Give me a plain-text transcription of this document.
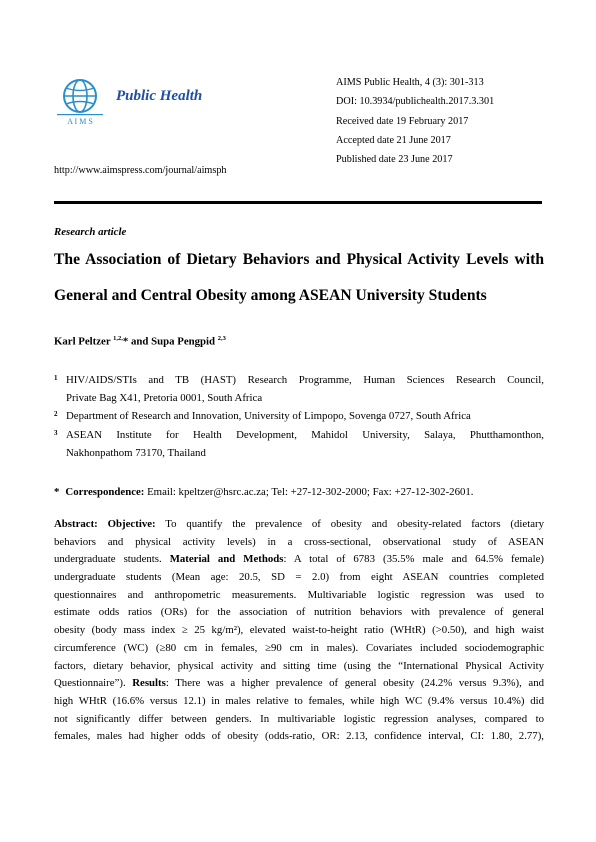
A I M S
Public Health
AIMS Public Health, 4 (3): 301-313
DOI: 10.3934/publichealth.2017.3.301
Received date 19 February 2017
Accepted date 21 June 2017
Published date 23 June 2017
http://www.aimspress.com/journal/aimsph
Research article
The Association of Dietary Behaviors and Physical Activity Levels with
General and Central Obesity among ASEAN University Students
Karl Peltzer $^{1,2,}$* and Supa Pengpid $^{2,3}$
1 HIV/AIDS/STIs and TB (HAST) Research Programme, Human Sciences Research Council,

Private Bag X41, Pretoria 0001, South Africa

2 Department of Research and Innovation, University of Limpopo, Sovenga 0727, South Africa

3 ASEAN Institute for Health Development, Mahidol University, Salaya, Phutthamonthon,

Nakhonpathom 73170, Thailand

* Correspondence: Email: kpeltzer@hsrc.ac.za; Tel: +27-12-302-2000; Fax: +27-12-302-2601.
Abstract: Objective: To quantify the prevalence of obesity and obesity-related factors (dietary
behaviors and physical activity levels) in a cross-sectional, observational study of ASEAN
undergraduate students. Material and Methods: A total of 6783 (35.5% male and 64.5% female)
undergraduate students (Mean age: 20.5, SD = 2.0) from eight ASEAN countries completed
questionnaires and anthropometric measurements. Multivariable logistic regression was used to
estimate odds ratios (ORs) for the association of nutrition behaviors with prevalence of general
obesity (body mass index ≥ 25 kg/m²), elevated waist-to-height ratio (WHtR) (>0.50), and high waist
circumference (WC) (≥80 cm in females, ≥90 cm in males). Covariates included sociodemographic
factors, dietary behavior, physical activity and sitting time (using the “International Physical Activity
Questionnaire”). Results: There was a higher prevalence of general obesity (24.2% versus 9.3%), and
high WHtR (16.6% versus 12.1) in males relative to females, while high WC (9.4% versus 10.4%) did
not significantly differ between genders. In multivariable logistic regression analyses, compared to
females, males had higher odds of obesity (odds-ratio, OR: 2.13, confidence interval, CI: 1.80, 2.77),
